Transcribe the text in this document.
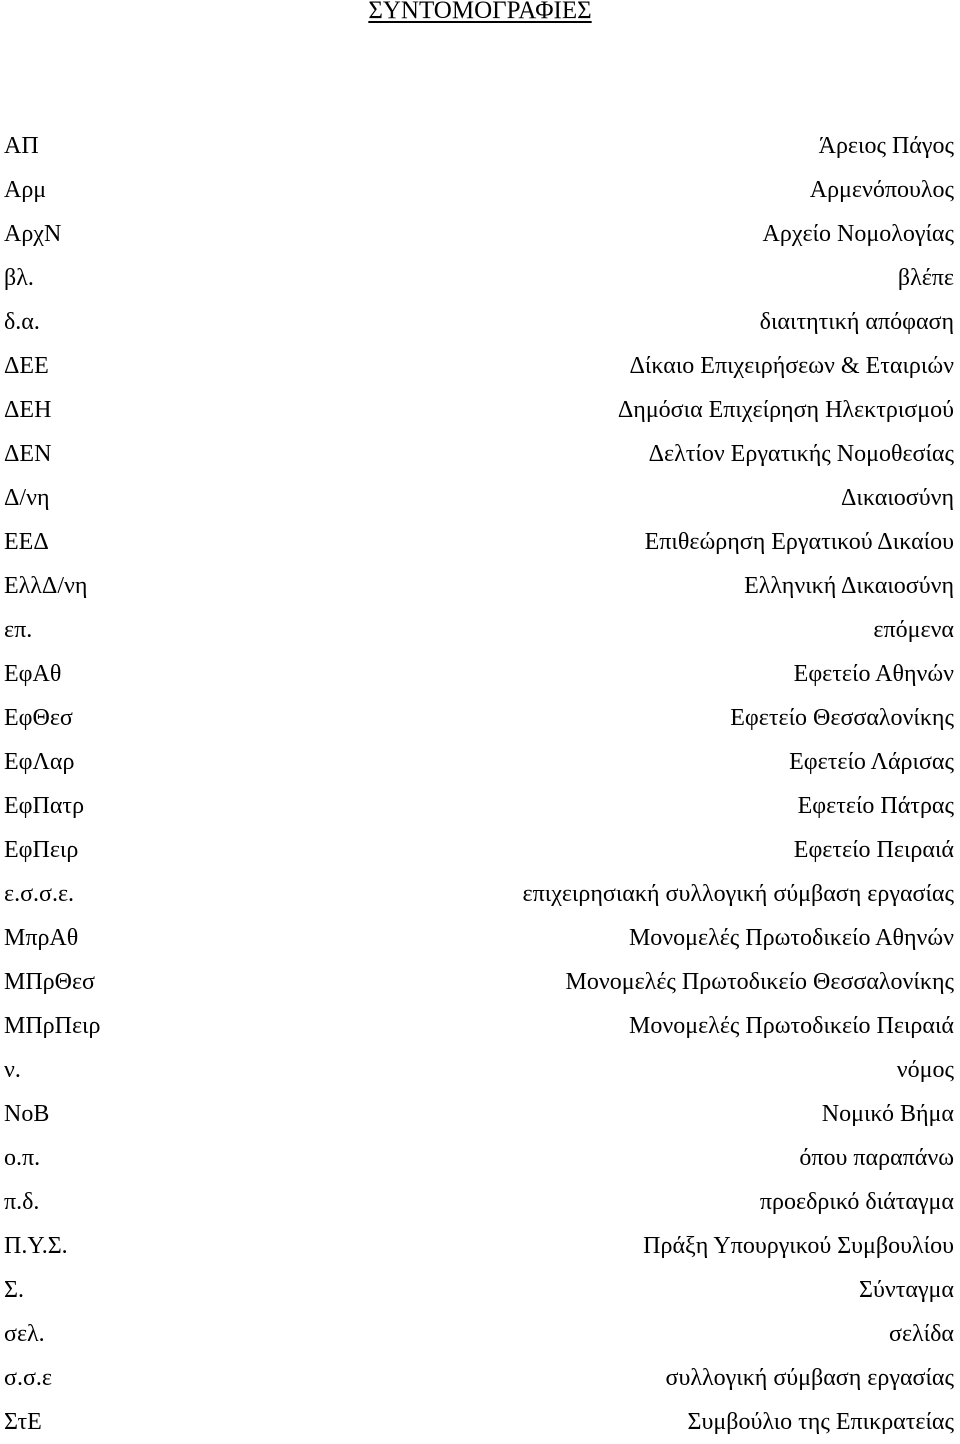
ΣΥΝΤΟΜΟΓΡΑΦΙΕΣ
ΑΠ	Άρειος Πάγος
Αρμ	Αρμενόπουλος
ΑρχΝ	Αρχείο Νομολογίας
βλ.	βλέπε
δ.α.	διαιτητική απόφαση
ΔΕΕ	Δίκαιο Επιχειρήσεων & Εταιριών
ΔΕΗ	Δημόσια Επιχείρηση Ηλεκτρισμού
ΔΕΝ	Δελτίον Εργατικής Νομοθεσίας
Δ/νη	Δικαιοσύνη
ΕΕΔ	Επιθεώρηση Εργατικού Δικαίου
ΕλλΔ/νη	Ελληνική Δικαιοσύνη
επ.	επόμενα
ΕφΑθ	Εφετείο Αθηνών
ΕφΘεσ	Εφετείο Θεσσαλονίκης
ΕφΛαρ	Εφετείο Λάρισας
ΕφΠατρ	Εφετείο Πάτρας
ΕφΠειρ	Εφετείο Πειραιά
ε.σ.σ.ε.	επιχειρησιακή συλλογική σύμβαση εργασίας
ΜπρΑθ	Μονομελές Πρωτοδικείο Αθηνών
ΜΠρΘεσ	Μονομελές Πρωτοδικείο Θεσσαλονίκης
ΜΠρΠειρ	Μονομελές Πρωτοδικείο Πειραιά
ν.	νόμος
ΝοΒ	Νομικό Βήμα
ο.π.	όπου παραπάνω
π.δ.	προεδρικό διάταγμα
Π.Υ.Σ.	Πράξη Υπουργικού Συμβουλίου
Σ.	Σύνταγμα
σελ.	σελίδα
σ.σ.ε	συλλογική σύμβαση εργασίας
ΣτΕ	Συμβούλιο της Επικρατείας
